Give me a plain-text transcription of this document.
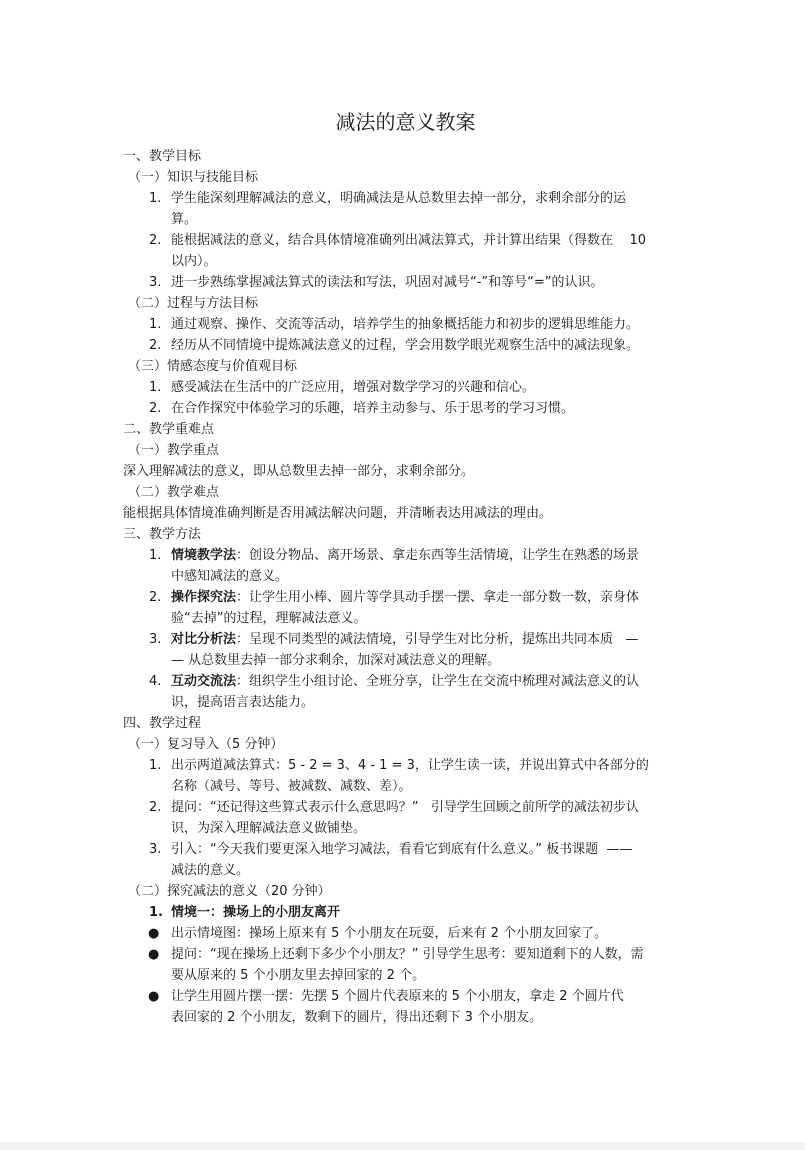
减法的意义教案
一、教学目标
（一）知识与技能目标
1. 学生能深刻理解减法的意义，明确减法是从总数里去掉一部分，求剩余部分的运
算。
2. 能根据减法的意义，结合具体情境准确列出减法算式，并计算出结果（得数在    10
以内）。
3. 进一步熟练掌握减法算式的读法和写法，巩固对减号“-”和等号“=”的认识。
（二）过程与方法目标
1. 通过观察、操作、交流等活动，培养学生的抽象概括能力和初步的逻辑思维能力。
2. 经历从不同情境中提炼减法意义的过程，学会用数学眼光观察生活中的减法现象。
（三）情感态度与价值观目标
1. 感受减法在生活中的广泛应用，增强对数学学习的兴趣和信心。
2. 在合作探究中体验学习的乐趣，培养主动参与、乐于思考的学习习惯。
二、教学重难点
（一）教学重点
深入理解减法的意义，即从总数里去掉一部分，求剩余部分。
（二）教学难点
能根据具体情境准确判断是否用减法解决问题，并清晰表达用减法的理由。
三、教学方法
1. 情境教学法：创设分物品、离开场景、拿走东西等生活情境，让学生在熟悉的场景
中感知减法的意义。
2. 操作探究法：让学生用小棒、圆片等学具动手摆一摆、拿走一部分数一数，亲身体
验“去掉”的过程，理解减法意义。
3. 对比分析法：呈现不同类型的减法情境，引导学生对比分析，提炼出共同本质   —
— 从总数里去掉一部分求剩余，加深对减法意义的理解。
4. 互动交流法：组织学生小组讨论、全班分享，让学生在交流中梳理对减法意义的认
识，提高语言表达能力。
四、教学过程
（一）复习导入（5 分钟）
1. 出示两道减法算式：5 - 2 = 3、4 - 1 = 3，让学生读一读，并说出算式中各部分的
名称（减号、等号、被减数、减数、差）。
2. 提问：“还记得这些算式表示什么意思吗？”   引导学生回顾之前所学的减法初步认
识，为深入理解减法意义做铺垫。
3. 引入：“今天我们要更深入地学习减法，看看它到底有什么意义。” 板书课题  ——
减法的意义。
（二）探究减法的意义（20 分钟）
1. 情境一：操场上的小朋友离开
● 出示情境图：操场上原来有 5 个小朋友在玩耍，后来有 2 个小朋友回家了。
● 提问：“现在操场上还剩下多少个小朋友？” 引导学生思考：要知道剩下的人数，需
要从原来的 5 个小朋友里去掉回家的 2 个。
● 让学生用圆片摆一摆：先摆 5 个圆片代表原来的 5 个小朋友，拿走 2 个圆片代
表回家的 2 个小朋友，数剩下的圆片，得出还剩下 3 个小朋友。
